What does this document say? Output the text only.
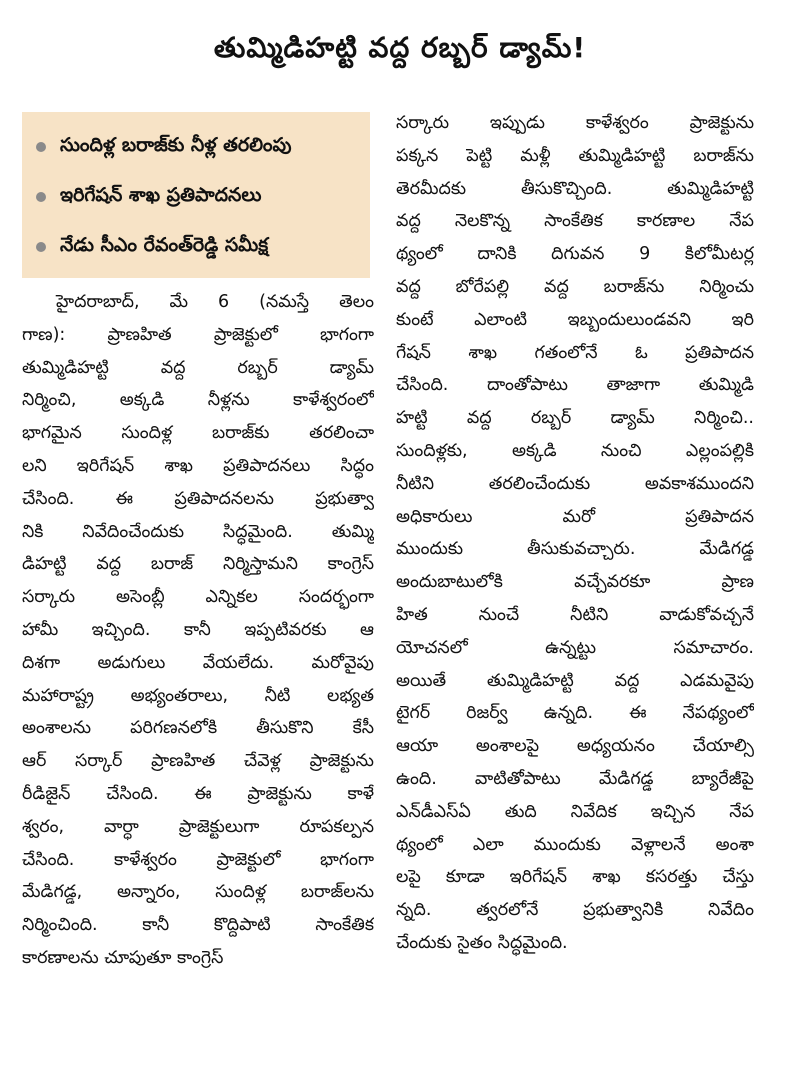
తుమ్మిడిహట్టి వద్ద రబ్బర్ డ్యామ్!
సుందిళ్ల బరాజ్‌కు నీళ్ల తరలింపు
ఇరిగేషన్ శాఖ ప్రతిపాదనలు
నేడు సీఎం రేవంత్‌రెడ్డి సమీక్ష
హైదరాబాద్, మే 6 (నమస్తే తెలం
గాణ): ప్రాణహిత ప్రాజెక్టులో భాగంగా
తుమ్మిడిహట్టి వద్ద రబ్బర్ డ్యామ్
నిర్మించి, అక్కడి నీళ్లను కాళేశ్వరంలో
భాగమైన సుందిళ్ల బరాజ్‌కు తరలించా
లని ఇరిగేషన్ శాఖ ప్రతిపాదనలు సిద్ధం
చేసింది. ఈ ప్రతిపాదనలను ప్రభుత్వా
నికి నివేదించేందుకు సిద్ధమైంది. తుమ్మి
డిహట్టి వద్ద బరాజ్ నిర్మిస్తామని కాంగ్రెస్
సర్కారు అసెంబ్లీ ఎన్నికల సందర్భంగా
హామీ ఇచ్చింది. కానీ ఇప్పటివరకు ఆ
దిశగా అడుగులు వేయలేదు. మరోవైపు
మహారాష్ట్ర అభ్యంతరాలు, నీటి లభ్యత
అంశాలను పరిగణనలోకి తీసుకొని కేసీ
ఆర్ సర్కార్ ప్రాణహిత చేవెళ్ల ప్రాజెక్టును
రీడిజైన్ చేసింది. ఈ ప్రాజెక్టును కాళే
శ్వరం, వార్ధా ప్రాజెక్టులుగా రూపకల్పన
చేసింది. కాళేశ్వరం ప్రాజెక్టులో భాగంగా
మేడిగడ్డ, అన్నారం, సుందిళ్ల బరాజ్‌లను
నిర్మించింది. కానీ కొద్దిపాటి సాంకేతిక
కారణాలను చూపుతూ కాంగ్రెస్
సర్కారు ఇప్పుడు కాళేశ్వరం ప్రాజెక్టును
పక్కన పెట్టి మళ్లీ తుమ్మిడిహట్టి బరాజ్‌ను
తెరమీదకు తీసుకొచ్చింది. తుమ్మిడిహట్టి
వద్ద నెలకొన్న సాంకేతిక కారణాల నేప
థ్యంలో దానికి దిగువన 9 కిలోమీటర్ల
వద్ద బోరేపల్లి వద్ద బరాజ్‌ను నిర్మించు
కుంటే ఎలాంటి ఇబ్బందులుండవని ఇరి
గేషన్ శాఖ గతంలోనే ఓ ప్రతిపాదన
చేసింది. దాంతోపాటు తాజాగా తుమ్మిడి
హట్టి వద్ద రబ్బర్ డ్యామ్ నిర్మించి..
సుందిళ్లకు, అక్కడి నుంచి ఎల్లంపల్లికి
నీటిని తరలించేందుకు అవకాశముందని
అధికారులు మరో ప్రతిపాదన
ముందుకు తీసుకువచ్చారు. మేడిగడ్డ
అందుబాటులోకి వచ్చేవరకూ ప్రాణ
హిత నుంచే నీటిని వాడుకోవచ్చనే
యోచనలో ఉన్నట్టు సమాచారం.
అయితే తుమ్మిడిహట్టి వద్ద ఎడమవైపు
టైగర్ రిజర్వ్ ఉన్నది. ఈ నేపథ్యంలో
ఆయా అంశాలపై అధ్యయనం చేయాల్సి
ఉంది. వాటితోపాటు మేడిగడ్డ బ్యారేజీపై
ఎన్‌డీఎస్‌ఏ తుది నివేదిక ఇచ్చిన నేప
థ్యంలో ఎలా ముందుకు వెళ్లాలనే అంశా
లపై కూడా ఇరిగేషన్ శాఖ కసరత్తు చేస్తు
న్నది. త్వరలోనే ప్రభుత్వానికి నివేదిం
చేందుకు సైతం సిద్ధమైంది.
